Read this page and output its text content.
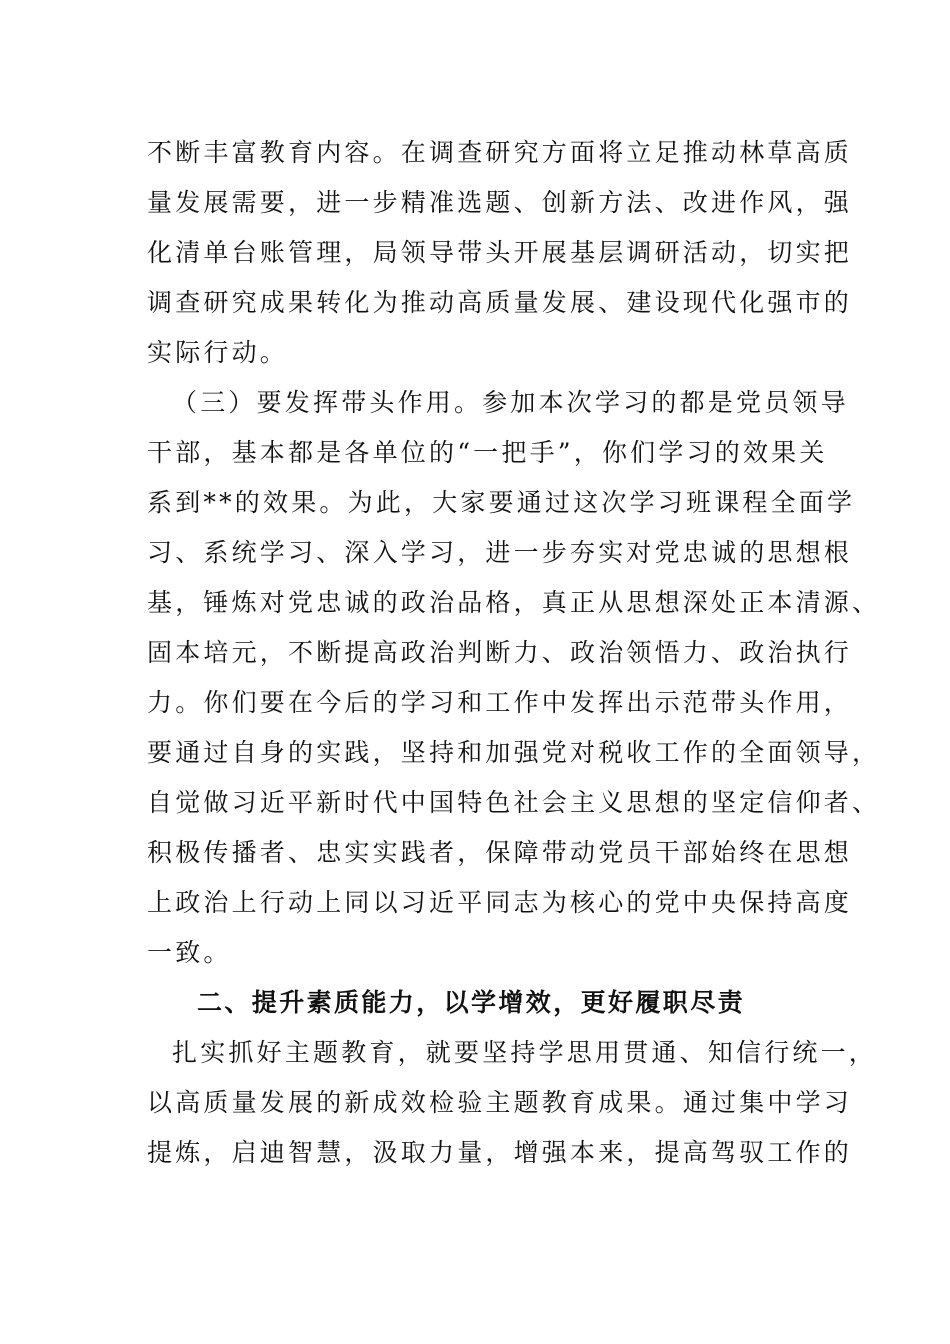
不断丰富教育内容。在调查研究方面将立足推动林草高质
量发展需要，进一步精准选题、创新方法、改进作风，强
化清单台账管理，局领导带头开展基层调研活动，切实把
调查研究成果转化为推动高质量发展、建设现代化强市的
实际行动。
（三）要发挥带头作用。参加本次学习的都是党员领导
干部，基本都是各单位的“一把手”，你们学习的效果关
系到**的效果。为此，大家要通过这次学习班课程全面学
习、系统学习、深入学习，进一步夯实对党忠诚的思想根
基，锤炼对党忠诚的政治品格，真正从思想深处正本清源、
固本培元，不断提高政治判断力、政治领悟力、政治执行
力。你们要在今后的学习和工作中发挥出示范带头作用，
要通过自身的实践，坚持和加强党对税收工作的全面领导，
自觉做习近平新时代中国特色社会主义思想的坚定信仰者、
积极传播者、忠实实践者，保障带动党员干部始终在思想
上政治上行动上同以习近平同志为核心的党中央保持高度
一致。
二、提升素质能力，以学增效，更好履职尽责
扎实抓好主题教育，就要坚持学思用贯通、知信行统一，
以高质量发展的新成效检验主题教育成果。通过集中学习
提炼，启迪智慧，汲取力量，增强本来，提高驾驭工作的
